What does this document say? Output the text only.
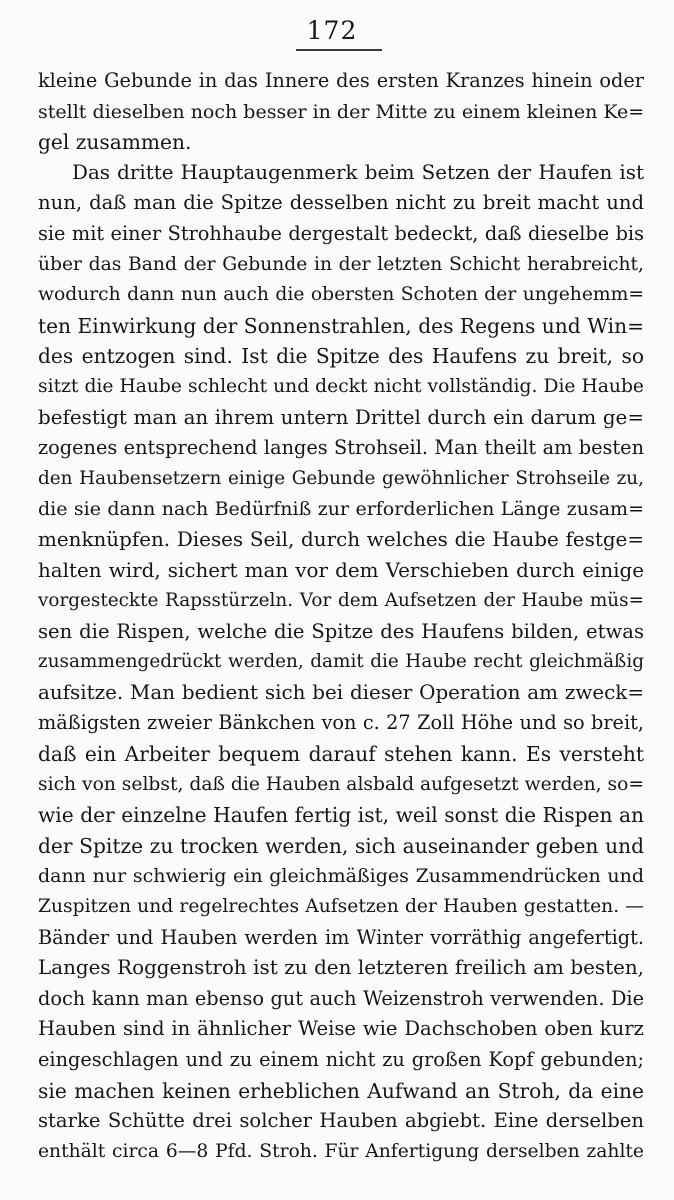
172
kleine Gebunde in das Innere des ersten Kranzes hinein oder
stellt dieselben noch besser in der Mitte zu einem kleinen Ke=
gel zusammen.
Das dritte Hauptaugenmerk beim Setzen der Haufen ist
nun, daß man die Spitze desselben nicht zu breit macht und
sie mit einer Strohhaube dergestalt bedeckt, daß dieselbe bis
über das Band der Gebunde in der letzten Schicht herabreicht,
wodurch dann nun auch die obersten Schoten der ungehemm=
ten Einwirkung der Sonnenstrahlen, des Regens und Win=
des entzogen sind. Ist die Spitze des Haufens zu breit, so
sitzt die Haube schlecht und deckt nicht vollständig. Die Haube
befestigt man an ihrem untern Drittel durch ein darum ge=
zogenes entsprechend langes Strohseil. Man theilt am besten
den Haubensetzern einige Gebunde gewöhnlicher Strohseile zu,
die sie dann nach Bedürfniß zur erforderlichen Länge zusam=
menknüpfen. Dieses Seil, durch welches die Haube festge=
halten wird, sichert man vor dem Verschieben durch einige
vorgesteckte Rapsstürzeln. Vor dem Aufsetzen der Haube müs=
sen die Rispen, welche die Spitze des Haufens bilden, etwas
zusammengedrückt werden, damit die Haube recht gleichmäßig
aufsitze. Man bedient sich bei dieser Operation am zweck=
mäßigsten zweier Bänkchen von c. 27 Zoll Höhe und so breit,
daß ein Arbeiter bequem darauf stehen kann. Es versteht
sich von selbst, daß die Hauben alsbald aufgesetzt werden, so=
wie der einzelne Haufen fertig ist, weil sonst die Rispen an
der Spitze zu trocken werden, sich auseinander geben und
dann nur schwierig ein gleichmäßiges Zusammendrücken und
Zuspitzen und regelrechtes Aufsetzen der Hauben gestatten. —
Bänder und Hauben werden im Winter vorräthig angefertigt.
Langes Roggenstroh ist zu den letzteren freilich am besten,
doch kann man ebenso gut auch Weizenstroh verwenden. Die
Hauben sind in ähnlicher Weise wie Dachschoben oben kurz
eingeschlagen und zu einem nicht zu großen Kopf gebunden;
sie machen keinen erheblichen Aufwand an Stroh, da eine
starke Schütte drei solcher Hauben abgiebt. Eine derselben
enthält circa 6—8 Pfd. Stroh. Für Anfertigung derselben zahlte
